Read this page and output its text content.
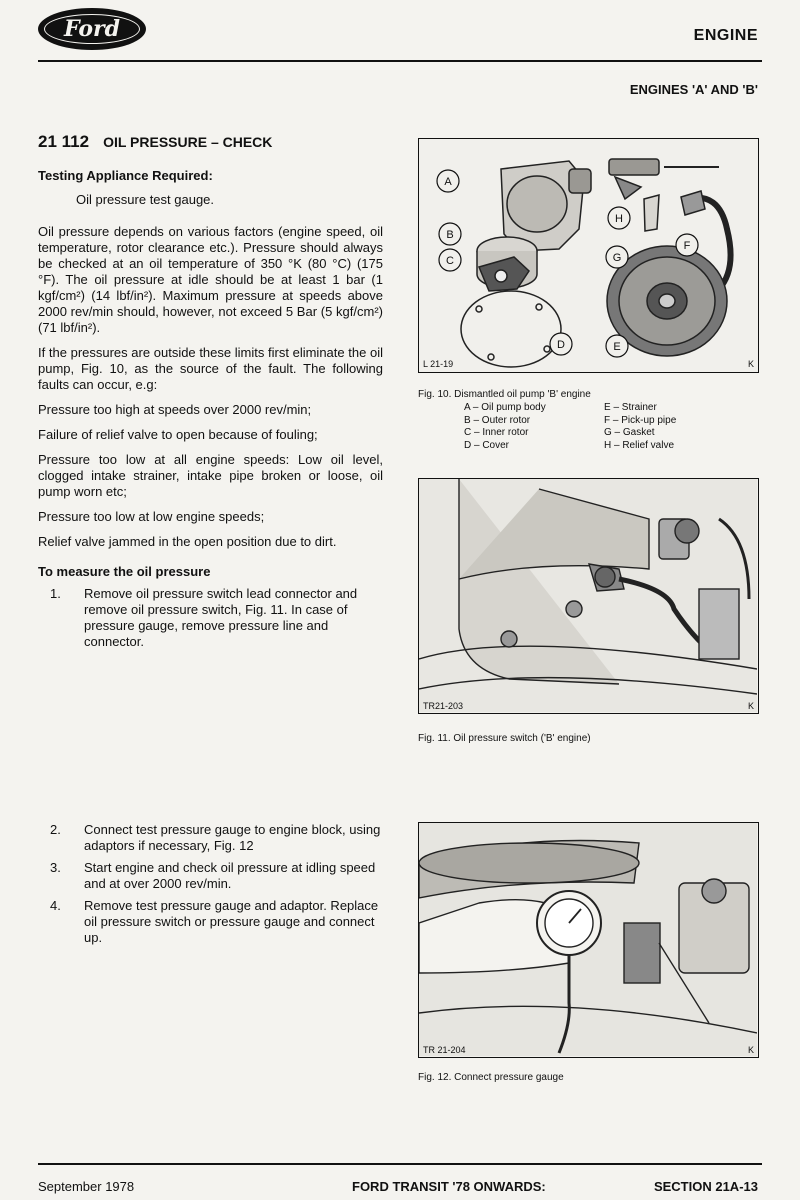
Ford	ENGINE
ENGINES 'A' AND 'B'
21 112 OIL PRESSURE – CHECK
Testing Appliance Required:
Oil pressure test gauge.

Oil pressure depends on various factors (engine speed, oil temperature, rotor clearance etc.). Pressure should always be checked at an oil temperature of 350 °K (80 °C) (175 °F). The oil pressure at idle should be at least 1 bar (1 kgf/cm²) (14 lbf/in²). Maximum pressure at speeds above 2000 rev/min should, however, not exceed 5 Bar (5 kgf/cm²) (71 lbf/in²).

If the pressures are outside these limits first eliminate the oil pump, Fig. 10, as the source of the fault. The following faults can occur, e.g:

Pressure too high at speeds over 2000 rev/min;

Failure of relief valve to open because of fouling;

Pressure too low at all engine speeds: Low oil level, clogged intake strainer, intake pipe broken or loose, oil pump worn etc;

Pressure too low at low engine speeds;

Relief valve jammed in the open position due to dirt.

To measure the oil pressure
1.	Remove oil pressure switch lead connector and remove oil pressure switch, Fig. 11. In case of pressure gauge, remove pressure line and connector.
2.	Connect test pressure gauge to engine block, using adaptors if necessary, Fig. 12
3.	Start engine and check oil pressure at idling speed and at over 2000 rev/min.
4.	Remove test pressure gauge and adaptor. Replace oil pressure switch or pressure gauge and connect up.
A
B
C
D	E
F
G
H
L 21-19	K
Fig. 10. Dismantled oil pump 'B' engine
A – Oil pump body
B – Outer rotor
C – Inner rotor
D – Cover
E – Strainer
F – Pick-up pipe
G – Gasket
H – Relief valve
TR21-203	K
Fig. 11. Oil pressure switch ('B' engine)
TR 21-204	K
Fig. 12. Connect pressure gauge
September 1978	FORD TRANSIT '78 ONWARDS:	SECTION 21A-13
